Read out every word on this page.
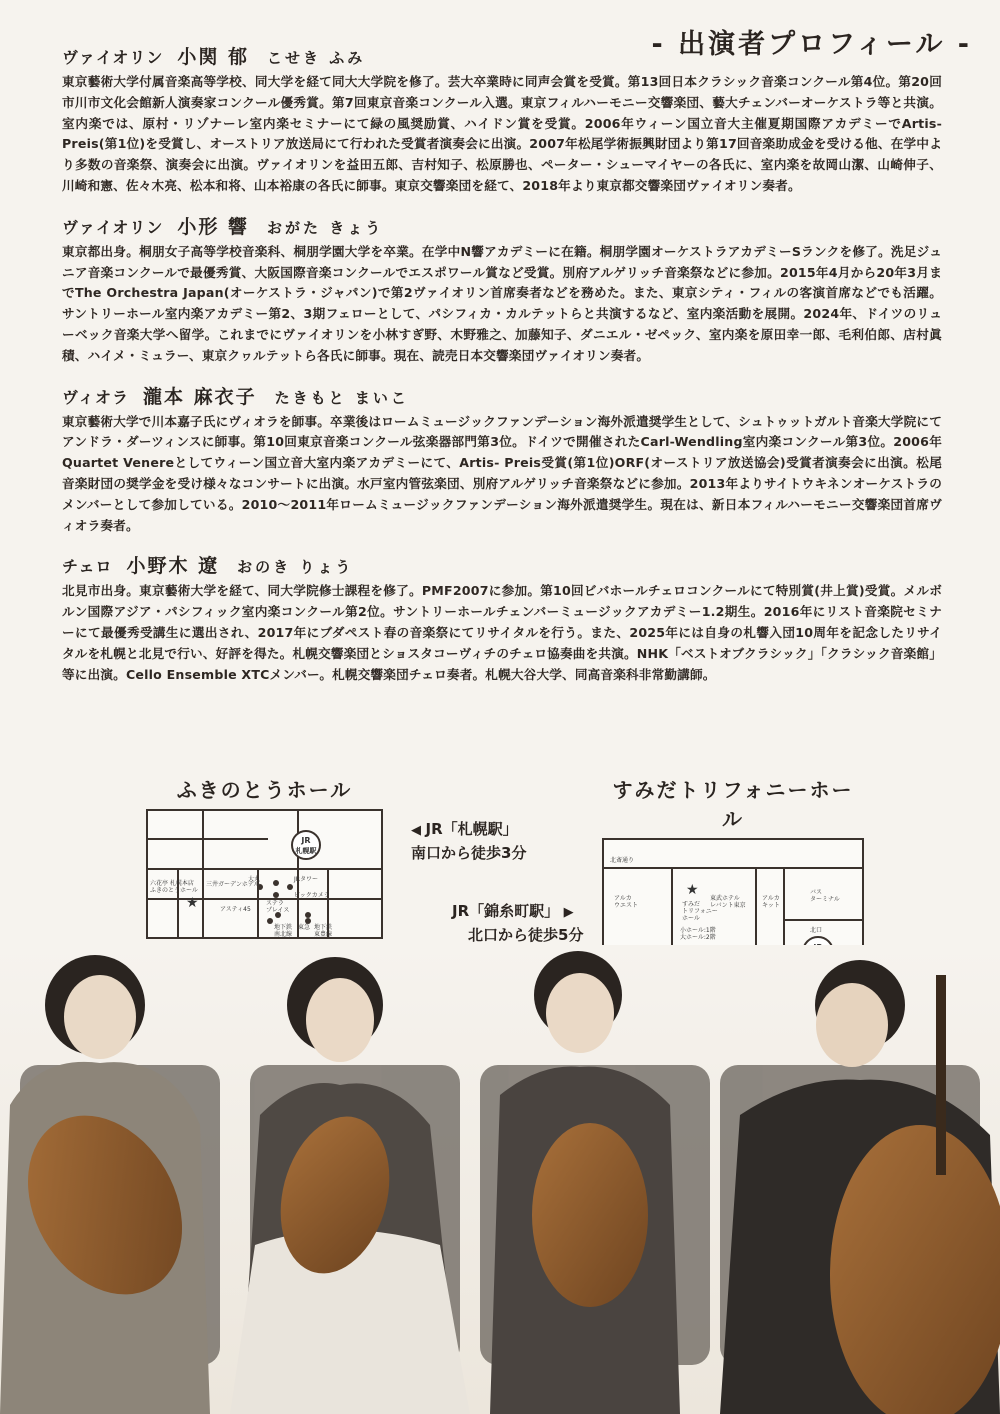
- 出演者プロフィール -
ヴァイオリン 小関 郁 こせき ふみ

東京藝術大学付属音楽高等学校、同大学を経て同大大学院を修了。芸大卒業時に同声会賞を受賞。第13回日本クラシック音楽コンクール第4位。第20回市川市文化会館新人演奏家コンクール優秀賞。第7回東京音楽コンクール入選。東京フィルハーモニー交響楽団、藝大チェンバーオーケストラ等と共演。室内楽では、原村・リゾナーレ室内楽セミナーにて緑の風奨励賞、ハイドン賞を受賞。2006年ウィーン国立音大主催夏期国際アカデミーでArtis-Preis(第1位)を受賞し、オーストリア放送局にて行われた受賞者演奏会に出演。2007年松尾学術振興財団より第17回音楽助成金を受ける他、在学中より多数の音楽祭、演奏会に出演。ヴァイオリンを益田五郎、吉村知子、松原勝也、ペーター・シューマイヤーの各氏に、室内楽を故岡山潔、山崎伸子、川崎和憲、佐々木亮、松本和将、山本裕康の各氏に師事。東京交響楽団を経て、2018年より東京都交響楽団ヴァイオリン奏者。

ヴァイオリン 小形 響 おがた きょう

東京都出身。桐朋女子高等学校音楽科、桐朋学園大学を卒業。在学中N響アカデミーに在籍。桐朋学園オーケストラアカデミーSランクを修了。洗足ジュニア音楽コンクールで最優秀賞、大阪国際音楽コンクールでエスポワール賞など受賞。別府アルゲリッチ音楽祭などに参加。2015年4月から20年3月までThe Orchestra Japan(オーケストラ・ジャパン)で第2ヴァイオリン首席奏者などを務めた。また、東京シティ・フィルの客演首席などでも活躍。サントリーホール室内楽アカデミー第2、3期フェローとして、パシフィカ・カルテットらと共演するなど、室内楽活動を展開。2024年、ドイツのリューベック音楽大学へ留学。これまでにヴァイオリンを小林すぎ野、木野雅之、加藤知子、ダニエル・ゼペック、室内楽を原田幸一郎、毛利伯郎、店村眞積、ハイメ・ミュラー、東京クヮルテットら各氏に師事。現在、読売日本交響楽団ヴァイオリン奏者。

ヴィオラ 瀧本 麻衣子 たきもと まいこ

東京藝術大学で川本嘉子氏にヴィオラを師事。卒業後はロームミュージックファンデーション海外派遣奨学生として、シュトゥットガルト音楽大学院にてアンドラ・ダーツィンスに師事。第10回東京音楽コンクール弦楽器部門第3位。ドイツで開催されたCarl-Wendling室内楽コンクール第3位。2006年Quartet Venereとしてウィーン国立音大室内楽アカデミーにて、Artis- Preis受賞(第1位)ORF(オーストリア放送協会)受賞者演奏会に出演。松尾音楽財団の奨学金を受け様々なコンサートに出演。水戸室内管弦楽団、別府アルゲリッチ音楽祭などに参加。2013年よりサイトウキネンオーケストラのメンバーとして参加している。2010〜2011年ロームミュージックファンデーション海外派遣奨学生。現在は、新日本フィルハーモニー交響楽団首席ヴィオラ奏者。

チェロ 小野木 遼 おのき りょう

北見市出身。東京藝術大学を経て、同大学院修士課程を修了。PMF2007に参加。第10回ビバホールチェロコンクールにて特別賞(井上賞)受賞。メルボルン国際アジア・パシフィック室内楽コンクール第2位。サントリーホールチェンバーミュージックアカデミー1.2期生。2016年にリスト音楽院セミナーにて最優秀受講生に選出され、2017年にブダペスト春の音楽祭にてリサイタルを行う。また、2025年には自身の札響入団10周年を記念したリサイタルを札幌と北見で行い、好評を得た。札幌交響楽団とショスタコーヴィチのチェロ協奏曲を共演。NHK「ベストオブクラシック」「クラシック音楽館」等に出演。Cello Ensemble XTCメンバー。札幌交響楽団チェロ奏者。札幌大谷大学、同高音楽科非常勤講師。

ふきのとうホール
JR
札幌駅
★
六花亭 札幌本店ふきのとうホール
三井ガーデンホテル
大丸	JRタワー
ステラプレイス
ビックカメラ
アスティ45
地下鉄南北線
東急 地下鉄東豊線
◀ JR「札幌駅」
南口から徒歩3分
すみだトリフォニーホール
北斎通り
アルカウエスト
★
すみだトリフォニーホール
東武ホテルレバント東京
小ホール:1階大ホール:2階
アルカキット
バスターミナル
北口
JR「錦糸町駅」 ▶
北口から徒歩5分
